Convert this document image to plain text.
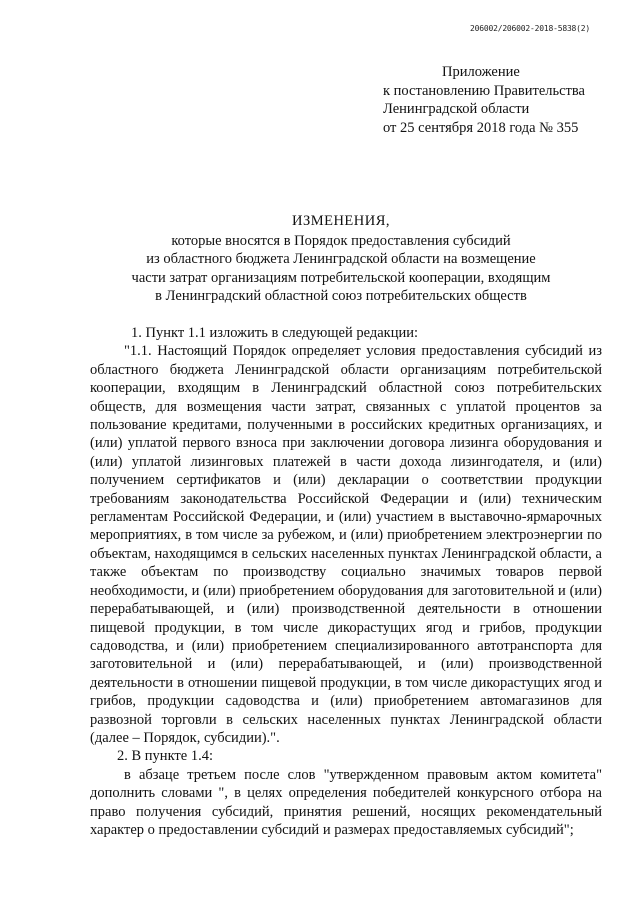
206002/206002-2018-5838(2)
Приложение
к постановлению Правительства
Ленинградской области
от 25 сентября 2018 года № 355
ИЗМЕНЕНИЯ,
которые вносятся в Порядок предоставления субсидий
из областного бюджета Ленинградской области на возмещение
части затрат организациям потребительской кооперации, входящим
в Ленинградский областной союз потребительских обществ

1. Пункт 1.1 изложить в следующей редакции:

"1.1. Настоящий Порядок определяет условия предоставления субсидий из областного бюджета Ленинградской области организациям потребительской кооперации, входящим в Ленинградский областной союз потребительских обществ, для возмещения части затрат, связанных с уплатой процентов за пользование кредитами, полученными в российских кредитных организациях, и (или) уплатой первого взноса при заключении договора лизинга оборудования и (или) уплатой лизинговых платежей в части дохода лизингодателя, и (или) получением сертификатов и (или) декларации о соответствии продукции требованиям законодательства Российской Федерации и (или) техническим регламентам Российской Федерации, и (или) участием в выставочно-ярмарочных мероприятиях, в том числе за рубежом, и (или) приобретением электроэнергии по объектам, находящимся в сельских населенных пунктах Ленинградской области, а также объектам по производству социально значимых товаров первой необходимости, и (или) приобретением оборудования для заготовительной и (или) перерабатывающей, и (или) производственной деятельности в отношении пищевой продукции, в том числе дикорастущих ягод и грибов, продукции садоводства, и (или) приобретением специализированного автотранспорта для заготовительной и (или) перерабатывающей, и (или) производственной деятельности в отношении пищевой продукции, в том числе дикорастущих ягод и грибов, продукции садоводства и (или) приобретением автомагазинов для развозной торговли в сельских населенных пунктах Ленинградской области (далее – Порядок, субсидии).".

2. В пункте 1.4:

в абзаце третьем после слов "утвержденном правовым актом комитета" дополнить словами ", в целях определения победителей конкурсного отбора на право получения субсидий, принятия решений, носящих рекомендательный характер о предоставлении субсидий и размерах предоставляемых субсидий";
